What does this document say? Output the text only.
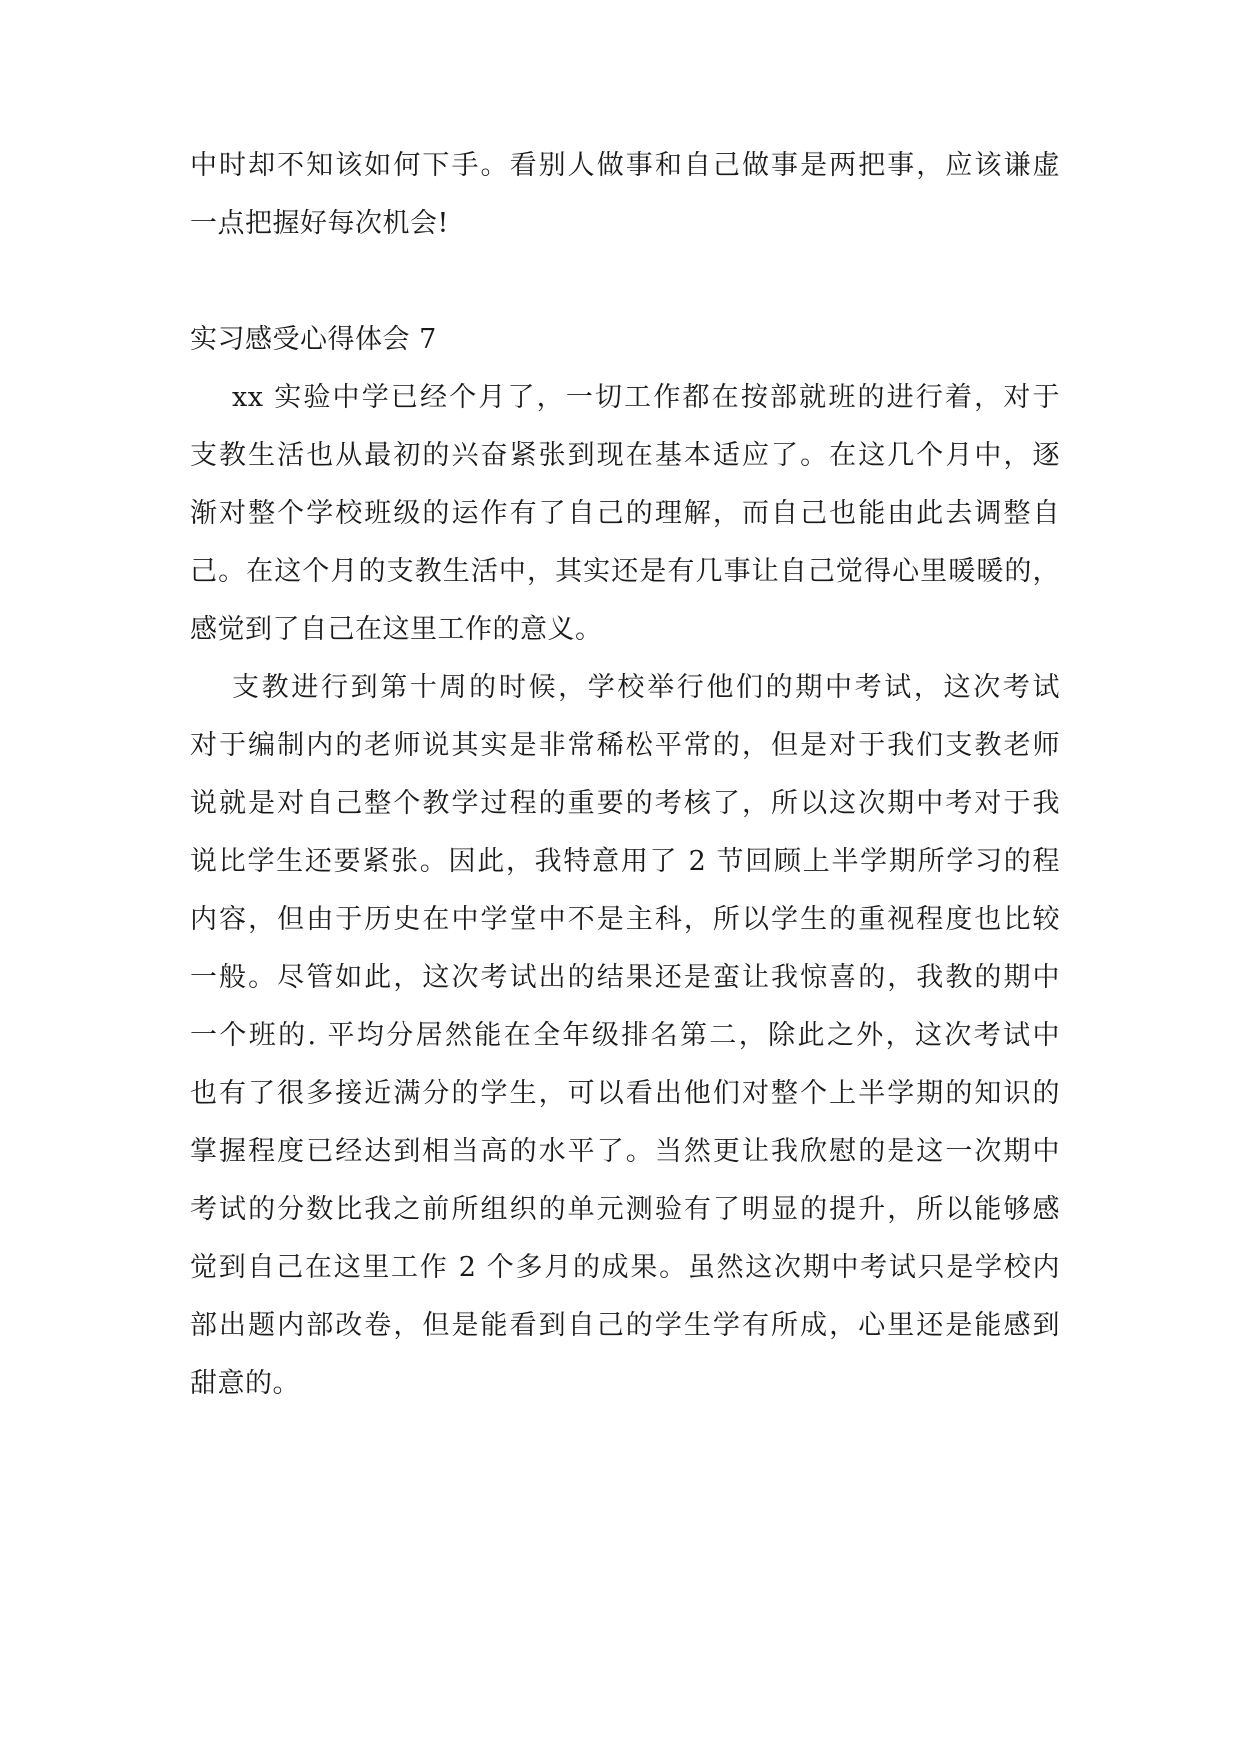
中时却不知该如何下手。看别人做事和自己做事是两把事，应该谦虚
一点把握好每次机会!
实习感受心得体会 7
xx 实验中学已经个月了，一切工作都在按部就班的进行着，对于
支教生活也从最初的兴奋紧张到现在基本适应了。在这几个月中，逐
渐对整个学校班级的运作有了自己的理解，而自己也能由此去调整自
己。在这个月的支教生活中，其实还是有几事让自己觉得心里暖暖的，
感觉到了自己在这里工作的意义。
支教进行到第十周的时候，学校举行他们的期中考试，这次考试
对于编制内的老师说其实是非常稀松平常的，但是对于我们支教老师
说就是对自己整个教学过程的重要的考核了，所以这次期中考对于我
说比学生还要紧张。因此，我特意用了 2 节回顾上半学期所学习的程
内容，但由于历史在中学堂中不是主科，所以学生的重视程度也比较
一般。尽管如此，这次考试出的结果还是蛮让我惊喜的，我教的期中
一个班的. 平均分居然能在全年级排名第二，除此之外，这次考试中
也有了很多接近满分的学生，可以看出他们对整个上半学期的知识的
掌握程度已经达到相当高的水平了。当然更让我欣慰的是这一次期中
考试的分数比我之前所组织的单元测验有了明显的提升，所以能够感
觉到自己在这里工作 2 个多月的成果。虽然这次期中考试只是学校内
部出题内部改卷，但是能看到自己的学生学有所成，心里还是能感到
甜意的。
